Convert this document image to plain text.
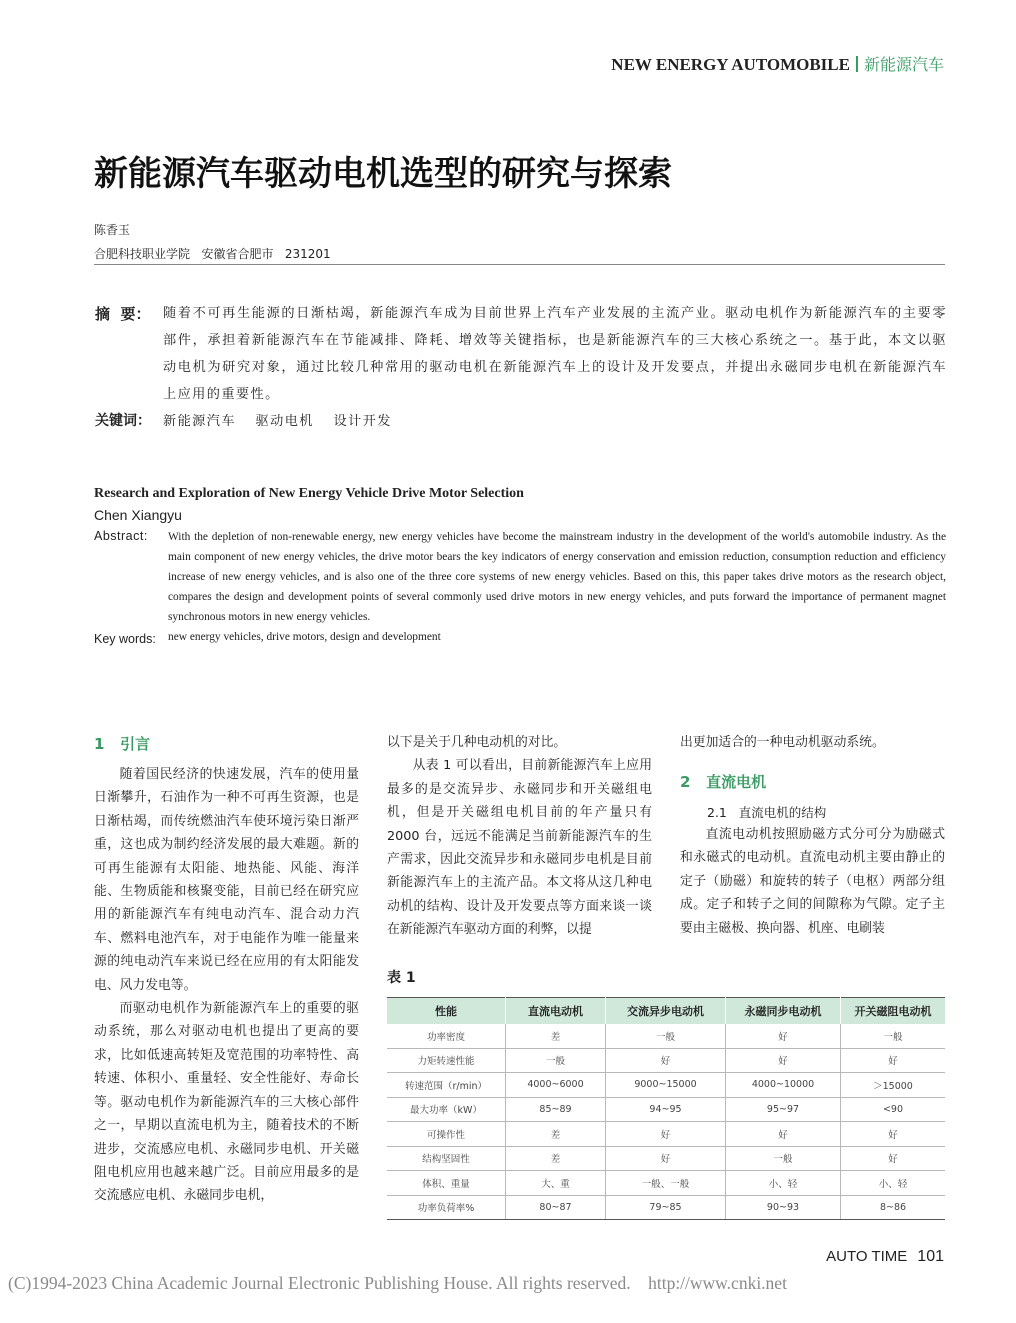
NEW ENERGY AUTOMOBILE 新能源汽车
新能源汽车驱动电机选型的研究与探索
陈香玉
合肥科技职业学院   安徽省合肥市   231201
摘  要： 随着不可再生能源的日渐枯竭，新能源汽车成为目前世界上汽车产业发展的主流产业。驱动电机作为新能源汽车的主要零部件，承担着新能源汽车在节能减排、降耗、增效等关键指标，也是新能源汽车的三大核心系统之一。基于此，本文以驱动电机为研究对象，通过比较几种常用的驱动电机在新能源汽车上的设计及开发要点，并提出永磁同步电机在新能源汽车上应用的重要性。
关键词： 新能源汽车 驱动电机 设计开发
Research and Exploration of New Energy Vehicle Drive Motor Selection
Chen Xiangyu
Abstract: With the depletion of non-renewable energy, new energy vehicles have become the mainstream industry in the development of the world's automobile industry. As the main component of new energy vehicles, the drive motor bears the key indicators of energy conservation and emission reduction, consumption reduction and efficiency increase of new energy vehicles, and is also one of the three core systems of new energy vehicles. Based on this, this paper takes drive motors as the research object, compares the design and development points of several commonly used drive motors in new energy vehicles, and puts forward the importance of permanent magnet synchronous motors in new energy vehicles.
Key words: new energy vehicles, drive motors, design and development
1   引言

随着国民经济的快速发展，汽车的使用量日渐攀升，石油作为一种不可再生资源，也是日渐枯竭，而传统燃油汽车使环境污染日渐严重，这也成为制约经济发展的最大难题。新的可再生能源有太阳能、地热能、风能、海洋能、生物质能和核聚变能，目前已经在研究应用的新能源汽车有纯电动汽车、混合动力汽车、燃料电池汽车，对于电能作为唯一能量来源的纯电动汽车来说已经在应用的有太阳能发电、风力发电等。

而驱动电机作为新能源汽车上的重要的驱动系统，那么对驱动电机也提出了更高的要求，比如低速高转矩及宽范围的功率特性、高转速、体积小、重量轻、安全性能好、寿命长等。驱动电机作为新能源汽车的三大核心部件之一，早期以直流电机为主，随着技术的不断进步，交流感应电机、永磁同步电机、开关磁阻电机应用也越来越广泛。目前应用最多的是交流感应电机、永磁同步电机，

以下是关于几种电动机的对比。

从表 1 可以看出，目前新能源汽车上应用最多的是交流异步、永磁同步和开关磁组电机，但是开关磁组电机目前的年产量只有 2000 台，远远不能满足当前新能源汽车的生产需求，因此交流异步和永磁同步电机是目前新能源汽车上的主流产品。本文将从这几种电动机的结构、设计及开发要点等方面来谈一谈在新能源汽车驱动方面的利弊，以提

出更加适合的一种电动机驱动系统。

2   直流电机
2.1   直流电机的结构

直流电动机按照励磁方式分可分为励磁式和永磁式的电动机。直流电动机主要由静止的定子（励磁）和旋转的转子（电枢）两部分组成。定子和转子之间的间隙称为气隙。定子主要由主磁极、换向器、机座、电刷装

表 1
性能	直流电动机	交流异步电动机	永磁同步电动机	开关磁阻电动机
功率密度	差	一般	好	一般
力矩转速性能	一般	好	好	好
转速范围（r/min）	4000~6000	9000~15000	4000~10000	＞15000
最大功率（kW）	85~89	94~95	95~97	<90
可操作性	差	好	好	好
结构坚固性	差	好	一般	好
体积、重量	大、重	一般、一般	小、轻	小、轻
功率负荷率%	80~87	79~85	90~93	8~86
AUTO TIME 101
(C)1994-2023 China Academic Journal Electronic Publishing House. All rights reserved.    http://www.cnki.net
